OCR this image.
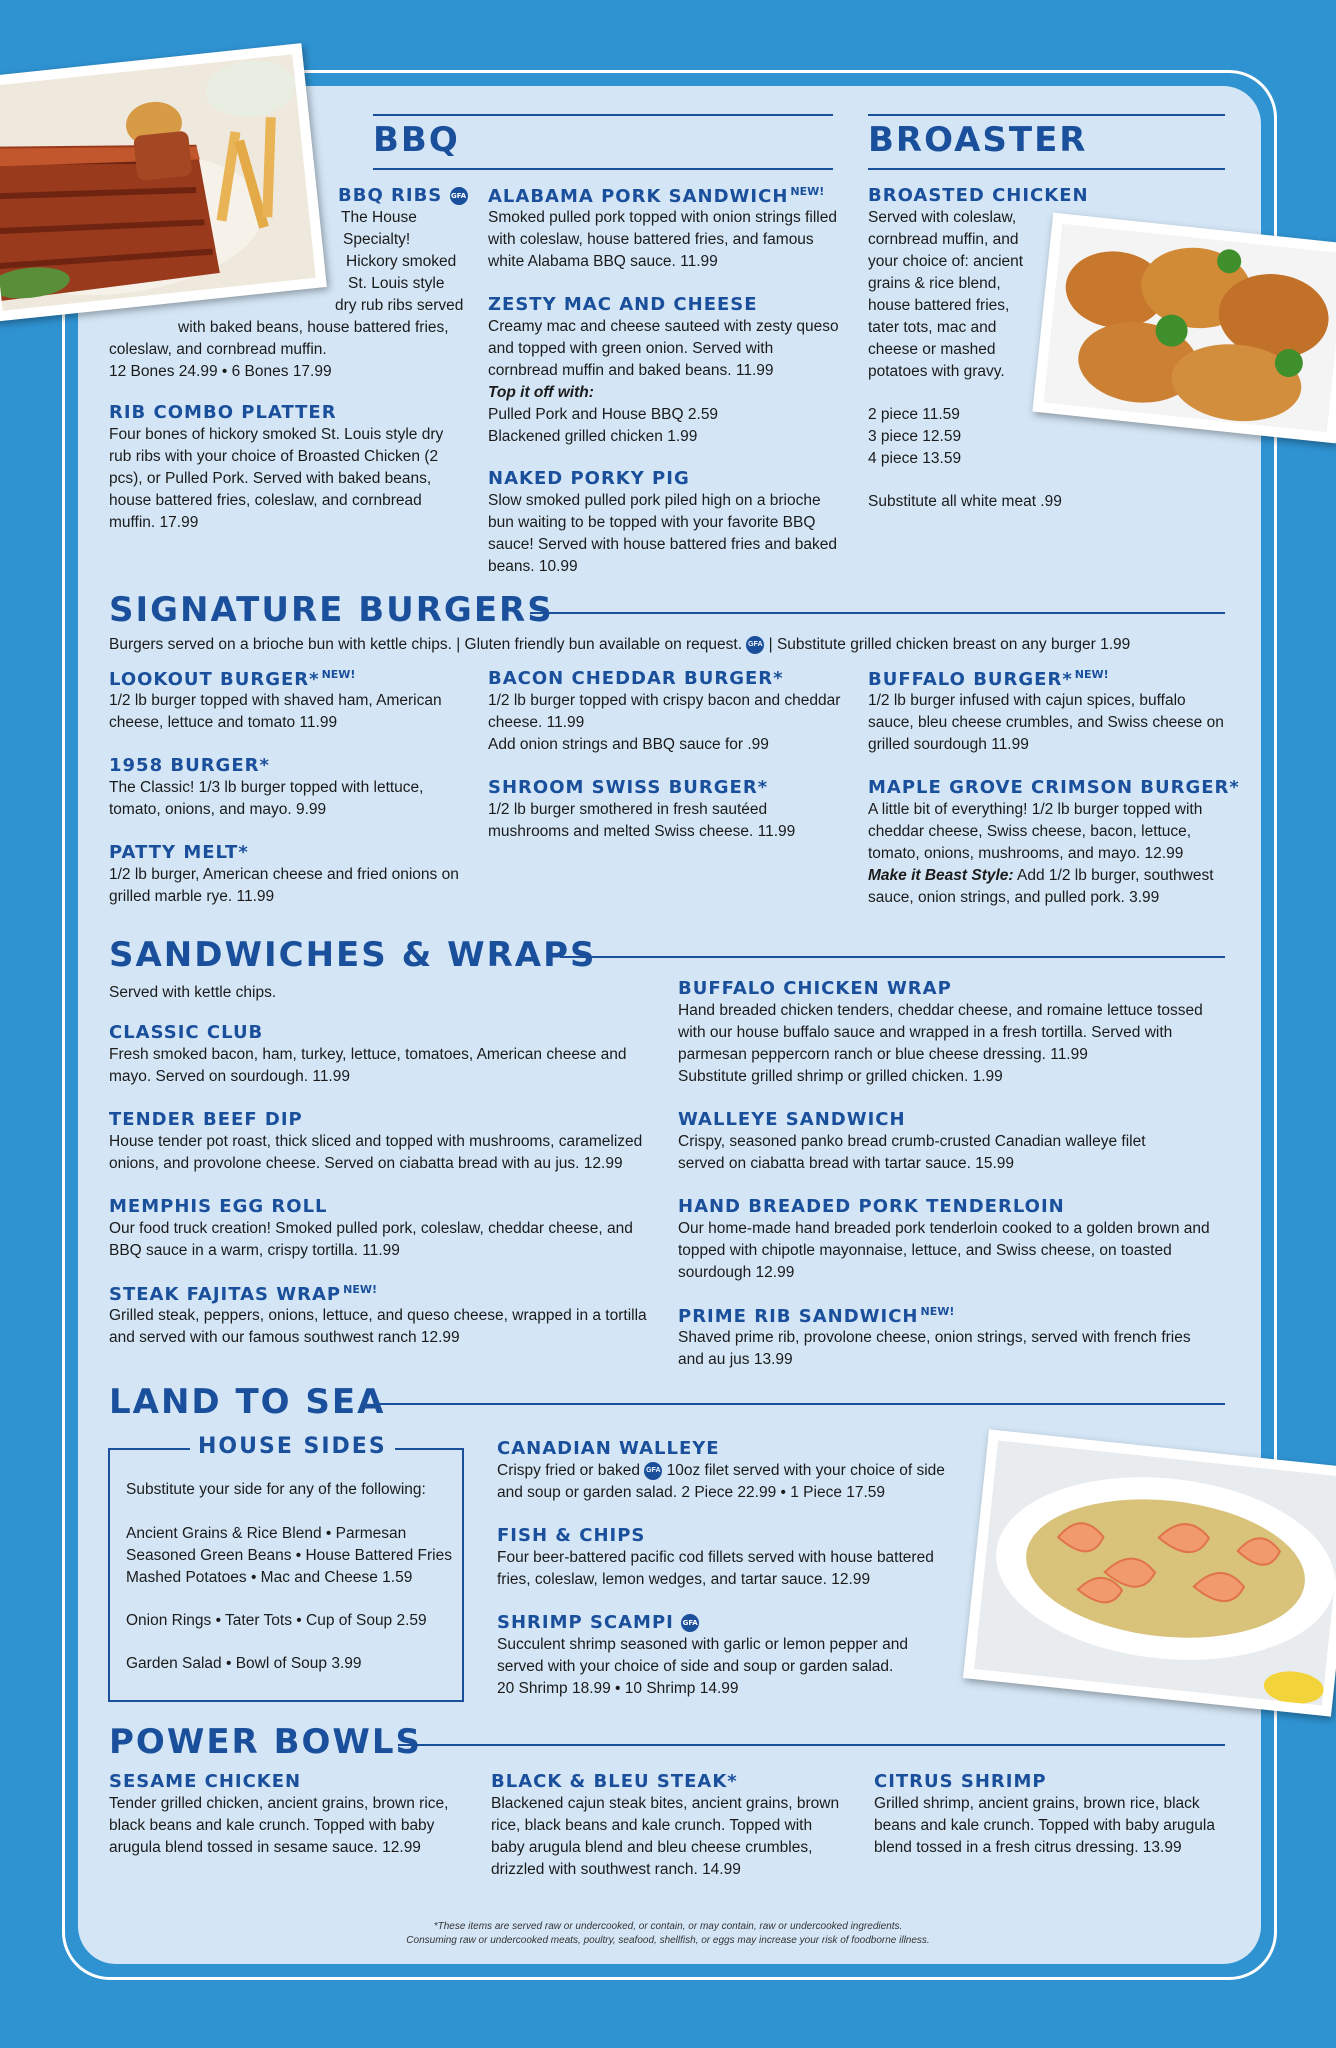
BBQ
BBQ RIBS GFA
The House
Specialty!
Hickory smoked
St. Louis style
dry rub ribs served
with baked beans, house battered fries,
coleslaw, and cornbread muffin.
12 Bones 24.99 • 6 Bones 17.99
RIB COMBO PLATTER
Four bones of hickory smoked St. Louis style dry rub ribs with your choice of Broasted Chicken (2 pcs), or Pulled Pork. Served with baked beans, house battered fries, coleslaw, and cornbread muffin. 17.99
ALABAMA PORK SANDWICH $^{NEW!}$
Smoked pulled pork topped with onion strings filled with coleslaw, house battered fries, and famous white Alabama BBQ sauce. 11.99
ZESTY MAC AND CHEESE
Creamy mac and cheese sauteed with zesty queso and topped with green onion. Served with cornbread muffin and baked beans. 11.99
Top it off with:
Pulled Pork and House BBQ 2.59
Blackened grilled chicken 1.99
NAKED PORKY PIG
Slow smoked pulled pork piled high on a brioche bun waiting to be topped with your favorite BBQ sauce! Served with house battered fries and baked beans. 10.99
BROASTER
BROASTED CHICKEN
Served with coleslaw,
cornbread muffin, and
your choice of: ancient
grains & rice blend,
house battered fries,
tater tots, mac and
cheese or mashed
potatoes with gravy.
2 piece 11.59
3 piece 12.59
4 piece 13.59
Substitute all white meat .99
SIGNATURE BURGERS
Burgers served on a brioche bun with kettle chips. | Gluten friendly bun available on request. GFA | Substitute grilled chicken breast on any burger 1.99
LOOKOUT BURGER* $^{NEW!}$
1/2 lb burger topped with shaved ham, American cheese, lettuce and tomato 11.99
1958 BURGER*
The Classic! 1/3 lb burger topped with lettuce, tomato, onions, and mayo. 9.99
PATTY MELT*
1/2 lb burger, American cheese and fried onions on grilled marble rye. 11.99
BACON CHEDDAR BURGER*
1/2 lb burger topped with crispy bacon and cheddar cheese. 11.99
Add onion strings and BBQ sauce for .99
SHROOM SWISS BURGER*
1/2 lb burger smothered in fresh sautéed mushrooms and melted Swiss cheese. 11.99
BUFFALO BURGER* $^{NEW!}$
1/2 lb burger infused with cajun spices, buffalo sauce, bleu cheese crumbles, and Swiss cheese on grilled sourdough 11.99
MAPLE GROVE CRIMSON BURGER*
A little bit of everything! 1/2 lb burger topped with cheddar cheese, Swiss cheese, bacon, lettuce, tomato, onions, mushrooms, and mayo. 12.99
Make it Beast Style: Add 1/2 lb burger, southwest sauce, onion strings, and pulled pork. 3.99
SANDWICHES & WRAPS
Served with kettle chips.
CLASSIC CLUB
Fresh smoked bacon, ham, turkey, lettuce, tomatoes, American cheese and mayo. Served on sourdough. 11.99
TENDER BEEF DIP
House tender pot roast, thick sliced and topped with mushrooms, caramelized onions, and provolone cheese. Served on ciabatta bread with au jus. 12.99
MEMPHIS EGG ROLL
Our food truck creation! Smoked pulled pork, coleslaw, cheddar cheese, and BBQ sauce in a warm, crispy tortilla. 11.99
STEAK FAJITAS WRAP $^{NEW!}$
Grilled steak, peppers, onions, lettuce, and queso cheese, wrapped in a tortilla and served with our famous southwest ranch 12.99
BUFFALO CHICKEN WRAP
Hand breaded chicken tenders, cheddar cheese, and romaine lettuce tossed with our house buffalo sauce and wrapped in a fresh tortilla. Served with parmesan peppercorn ranch or blue cheese dressing. 11.99
Substitute grilled shrimp or grilled chicken. 1.99
WALLEYE SANDWICH
Crispy, seasoned panko bread crumb-crusted Canadian walleye filet served on ciabatta bread with tartar sauce. 15.99
HAND BREADED PORK TENDERLOIN
Our home-made hand breaded pork tenderloin cooked to a golden brown and topped with chipotle mayonnaise, lettuce, and Swiss cheese, on toasted sourdough 12.99
PRIME RIB SANDWICH $^{NEW!}$
Shaved prime rib, provolone cheese, onion strings, served with french fries and au jus 13.99
LAND TO SEA
HOUSE SIDES
Substitute your side for any of the following:
Ancient Grains & Rice Blend • Parmesan
Seasoned Green Beans • House Battered Fries
Mashed Potatoes • Mac and Cheese 1.59
Onion Rings • Tater Tots • Cup of Soup 2.59
Garden Salad • Bowl of Soup 3.99
CANADIAN WALLEYE
Crispy fried or baked GFA 10oz filet served with your choice of side and soup or garden salad. 2 Piece 22.99 • 1 Piece 17.59
FISH & CHIPS
Four beer-battered pacific cod fillets served with house battered fries, coleslaw, lemon wedges, and tartar sauce. 12.99
SHRIMP SCAMPI GFA
Succulent shrimp seasoned with garlic or lemon pepper and served with your choice of side and soup or garden salad.
20 Shrimp 18.99 • 10 Shrimp 14.99
POWER BOWLS
SESAME CHICKEN
Tender grilled chicken, ancient grains, brown rice, black beans and kale crunch. Topped with baby arugula blend tossed in sesame sauce. 12.99
BLACK & BLEU STEAK*
Blackened cajun steak bites, ancient grains, brown rice, black beans and kale crunch. Topped with baby arugula blend and bleu cheese crumbles, drizzled with southwest ranch. 14.99
CITRUS SHRIMP
Grilled shrimp, ancient grains, brown rice, black beans and kale crunch. Topped with baby arugula blend tossed in a fresh citrus dressing. 13.99
*These items are served raw or undercooked, or contain, or may contain, raw or undercooked ingredients.
Consuming raw or undercooked meats, poultry, seafood, shellfish, or eggs may increase your risk of foodborne illness.
